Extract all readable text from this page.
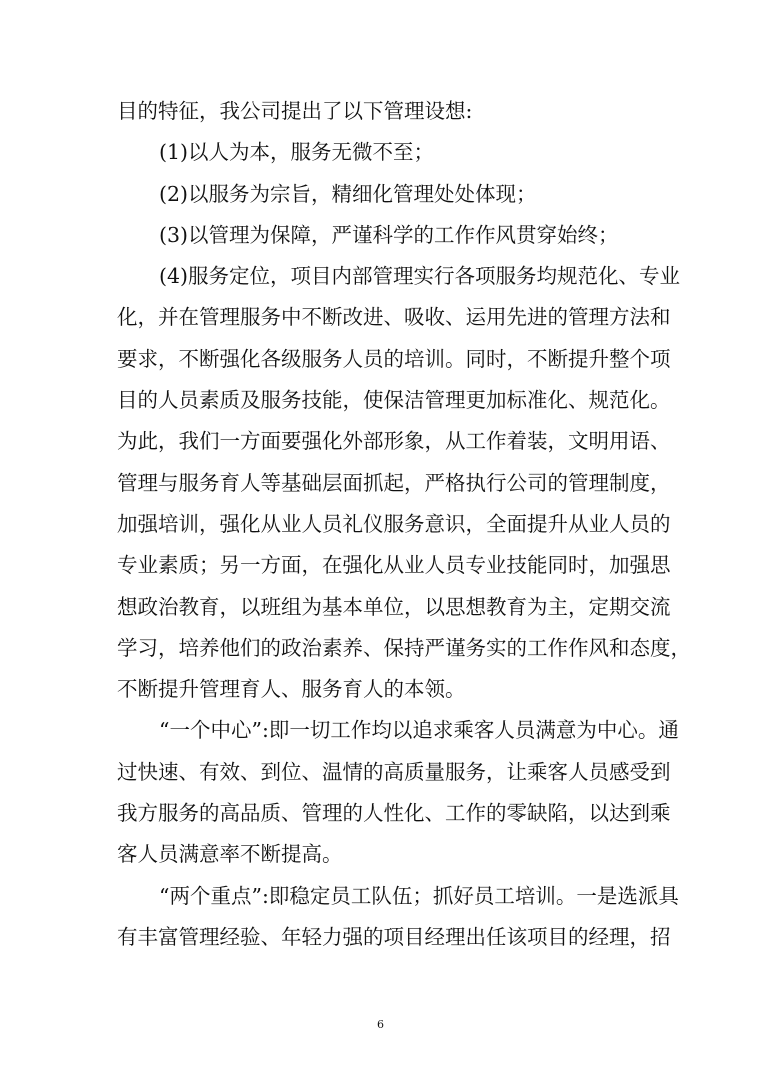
目的特征，我公司提出了以下管理设想:
(1)以人为本，服务无微不至；
(2)以服务为宗旨，精细化管理处处体现；
(3)以管理为保障，严谨科学的工作作风贯穿始终；
(4)服务定位，项目内部管理实行各项服务均规范化、专业
化，并在管理服务中不断改进、吸收、运用先进的管理方法和
要求，不断强化各级服务人员的培训。同时，不断提升整个项
目的人员素质及服务技能，使保洁管理更加标准化、规范化。
为此，我们一方面要强化外部形象，从工作着装，文明用语、
管理与服务育人等基础层面抓起，严格执行公司的管理制度，
加强培训，强化从业人员礼仪服务意识，全面提升从业人员的
专业素质；另一方面，在强化从业人员专业技能同时，加强思
想政治教育，以班组为基本单位，以思想教育为主，定期交流
学习，培养他们的政治素养、保持严谨务实的工作作风和态度，
不断提升管理育人、服务育人的本领。
“一个中心”:即一切工作均以追求乘客人员满意为中心。通
过快速、有效、到位、温情的高质量服务，让乘客人员感受到
我方服务的高品质、管理的人性化、工作的零缺陷，以达到乘
客人员满意率不断提高。
“两个重点”:即稳定员工队伍；抓好员工培训。一是选派具
有丰富管理经验、年轻力强的项目经理出任该项目的经理，招
6
